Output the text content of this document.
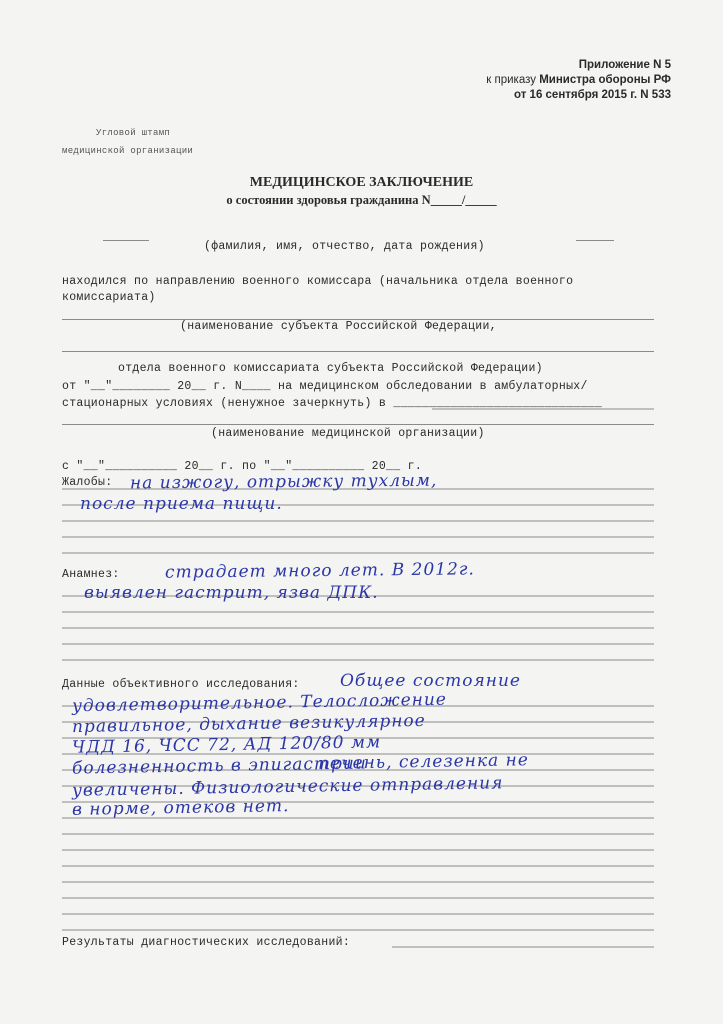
Приложение N 5
к приказу Министра обороны РФ
от 16 сентября 2015 г. N 533
Угловой штамп
медицинской организации
МЕДИЦИНСКОЕ ЗАКЛЮЧЕНИЕ
о состоянии здоровья гражданина N_____/_____
(фамилия, имя, отчество, дата рождения)
находился по направлению военного комиссара (начальника отдела военного
комиссариата)
(наименование субъекта Российской Федерации,
отдела военного комиссариата субъекта Российской Федерации)
от "__"________ 20__ г. N____ на медицинском обследовании в амбулаторных/
стационарных условиях (ненужное зачеркнуть) в _____________________________
(наименование медицинской организации)
с "__"__________ 20__ г. по "__"__________ 20__ г.
Жалобы:
Анамнез:
Данные объективного исследования:
Результаты диагностических исследований:
на изжогу, отрыжку тухлым,
после приема пищи.
страдает много лет. В 2012г.
выявлен гастрит, язва ДПК.
Общее состояние
удовлетворительное. Телосложение
правильное, дыхание везикулярное
ЧДД 16, ЧСС 72, АД 120/80 мм
болезненность в эпигастрии
печень, селезенка не
увеличены. Физиологические отправления
в норме, отеков нет.
